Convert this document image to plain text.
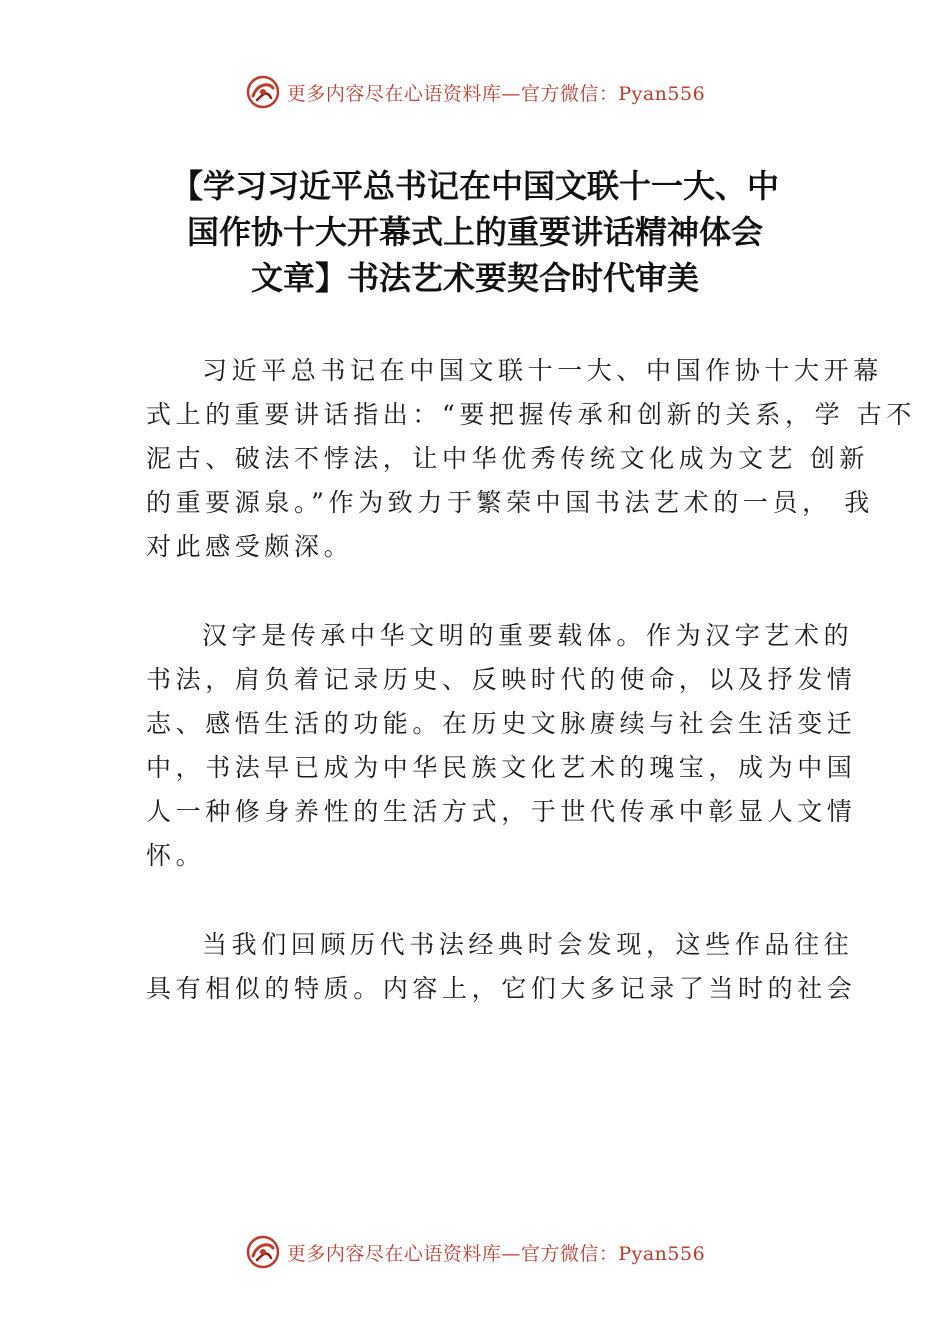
更多内容尽在心语资料库—官方微信：Pyan556
【学习习近平总书记在中国文联十一大、中
国作协十大开幕式上的重要讲话精神体会
文章】书法艺术要契合时代审美

习近平总书记在中国文联十一大、中国作协十大开幕
式上的重要讲话指出：“要把握传承和创新的关系，学 古不
泥古、破法不悖法，让中华优秀传统文化成为文艺 创新
的重要源泉。”作为致力于繁荣中国书法艺术的一员， 我
对此感受颇深。

汉字是传承中华文明的重要载体。作为汉字艺术的
书法，肩负着记录历史、反映时代的使命，以及抒发情
志、感悟生活的功能。在历史文脉赓续与社会生活变迁
中，书法早已成为中华民族文化艺术的瑰宝，成为中国
人一种修身养性的生活方式，于世代传承中彰显人文情
怀。

当我们回顾历代书法经典时会发现，这些作品往往
具有相似的特质。内容上，它们大多记录了当时的社会

更多内容尽在心语资料库—官方微信：Pyan556
